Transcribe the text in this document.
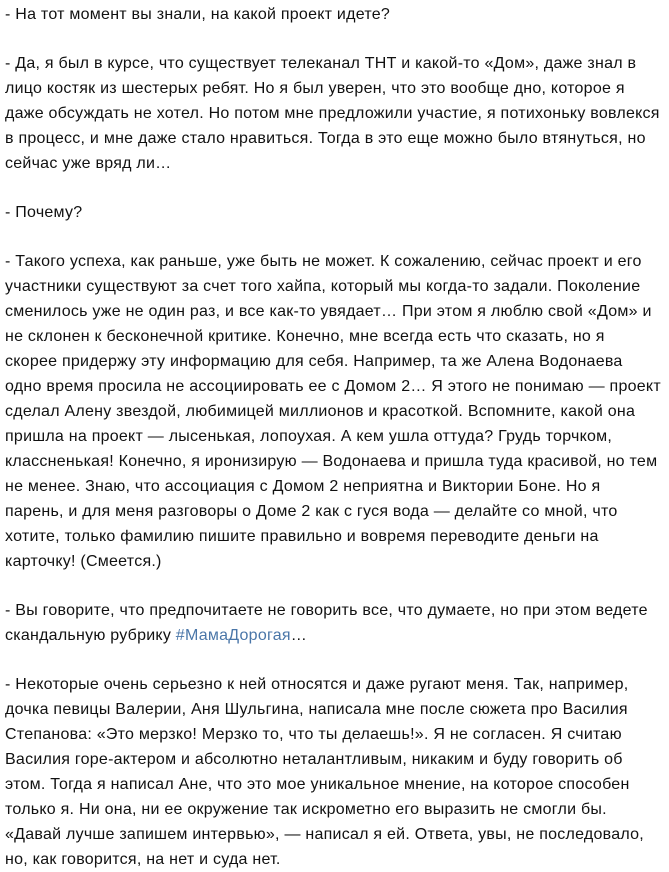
- На тот момент вы знали, на какой проект идете?

- Да, я был в курсе, что существует телеканал ТНТ и какой-то «Дом», даже знал в лицо костяк из шестерых ребят. Но я был уверен, что это вообще дно, которое я даже обсуждать не хотел. Но потом мне предложили участие, я потихоньку вовлекся в процесс, и мне даже стало нравиться. Тогда в это еще можно было втянуться, но сейчас уже вряд ли…

- Почему?

- Такого успеха, как раньше, уже быть не может. К сожалению, сейчас проект и его участники существуют за счет того хайпа, который мы когда-то задали. Поколение сменилось уже не один раз, и все как-то увядает… При этом я люблю свой «Дом» и не склонен к бесконечной критике. Конечно, мне всегда есть что сказать, но я скорее придержу эту информацию для себя. Например, та же Алена Водонаева одно время просила не ассоциировать ее с Домом 2… Я этого не понимаю — проект сделал Алену звездой, любимицей миллионов и красоткой. Вспомните, какой она пришла на проект — лысенькая, лопоухая. А кем ушла оттуда? Грудь торчком, классненькая! Конечно, я иронизирую — Водонаева и пришла туда красивой, но тем не менее. Знаю, что ассоциация с Домом 2 неприятна и Виктории Боне. Но я парень, и для меня разговоры о Доме 2 как с гуся вода — делайте со мной, что хотите, только фамилию пишите правильно и вовремя переводите деньги на карточку! (Смеется.)

- Вы говорите, что предпочитаете не говорить все, что думаете, но при этом ведете скандальную рубрику #МамаДорогая…

- Некоторые очень серьезно к ней относятся и даже ругают меня. Так, например, дочка певицы Валерии, Аня Шульгина, написала мне после сюжета про Василия Степанова: «Это мерзко! Мерзко то, что ты делаешь!». Я не согласен. Я считаю Василия горе-актером и абсолютно неталантливым, никаким и буду говорить об этом. Тогда я написал Ане, что это мое уникальное мнение, на которое способен только я. Ни она, ни ее окружение так искрометно его выразить не смогли бы. «Давай лучше запишем интервью», — написал я ей. Ответа, увы, не последовало, но, как говорится, на нет и суда нет.
